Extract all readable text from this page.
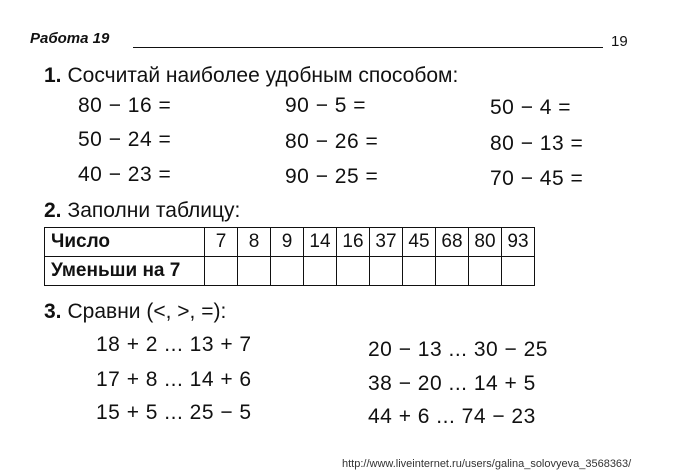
Работа 19	19
1. Сосчитай наиболее удобным способом:
80 − 16 =
50 − 24 =
40 − 23 =
90 − 5 =
80 − 26 =
90 − 25 =
50 − 4 =
80 − 13 =
70 − 45 =
2. Заполни таблицу:
Число	7	8	9	14	16	37	45	68	80	93
Уменьши на 7										
3. Сравни (<, >, =):
18 + 2 ... 13 + 7
17 + 8 ... 14 + 6
15 + 5 ... 25 − 5
20 − 13 ... 30 − 25
38 − 20 ... 14 + 5
44 + 6 ... 74 − 23
http://www.liveinternet.ru/users/galina_solovyeva_3568363/
